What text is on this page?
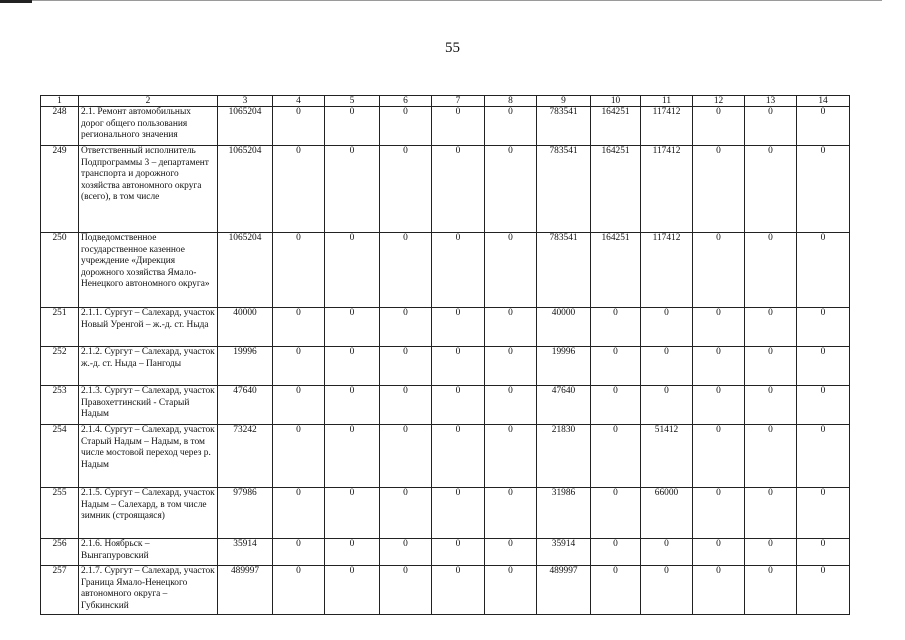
55
1	2	3	4	5	6	7	8	9	10	11	12	13	14
248	2.1. Ремонт автомобильных дорог общего пользования регионального значения	1065204	0	0	0	0	0	783541	164251	117412	0	0	0
249	Ответственный исполнитель Подпрограммы 3 – департамент транспорта и дорожного хозяйства автономного округа (всего), в том числе	1065204	0	0	0	0	0	783541	164251	117412	0	0	0
250	Подведомственное государственное казенное учреждение «Дирекция дорожного хозяйства Ямало-Ненецкого автономного округа»	1065204	0	0	0	0	0	783541	164251	117412	0	0	0
251	2.1.1. Сургут – Салехард, участок Новый Уренгой – ж.-д. ст. Ныда	40000	0	0	0	0	0	40000	0	0	0	0	0
252	2.1.2. Сургут – Салехард, участок ж.-д. ст. Ныда – Пангоды	19996	0	0	0	0	0	19996	0	0	0	0	0
253	2.1.3. Сургут – Салехард, участок Правохеттинский - Старый Надым	47640	0	0	0	0	0	47640	0	0	0	0	0
254	2.1.4. Сургут – Салехард, участок Старый Надым – Надым, в том числе мостовой переход через р. Надым	73242	0	0	0	0	0	21830	0	51412	0	0	0
255	2.1.5. Сургут – Салехард, участок Надым – Салехард, в том числе зимник (строящаяся)	97986	0	0	0	0	0	31986	0	66000	0	0	0
256	2.1.6. Ноябрьск – Вынгапуровский	35914	0	0	0	0	0	35914	0	0	0	0	0
257	2.1.7. Сургут – Салехард, участок Граница Ямало-Ненецкого автономного округа – Губкинский	489997	0	0	0	0	0	489997	0	0	0	0	0
